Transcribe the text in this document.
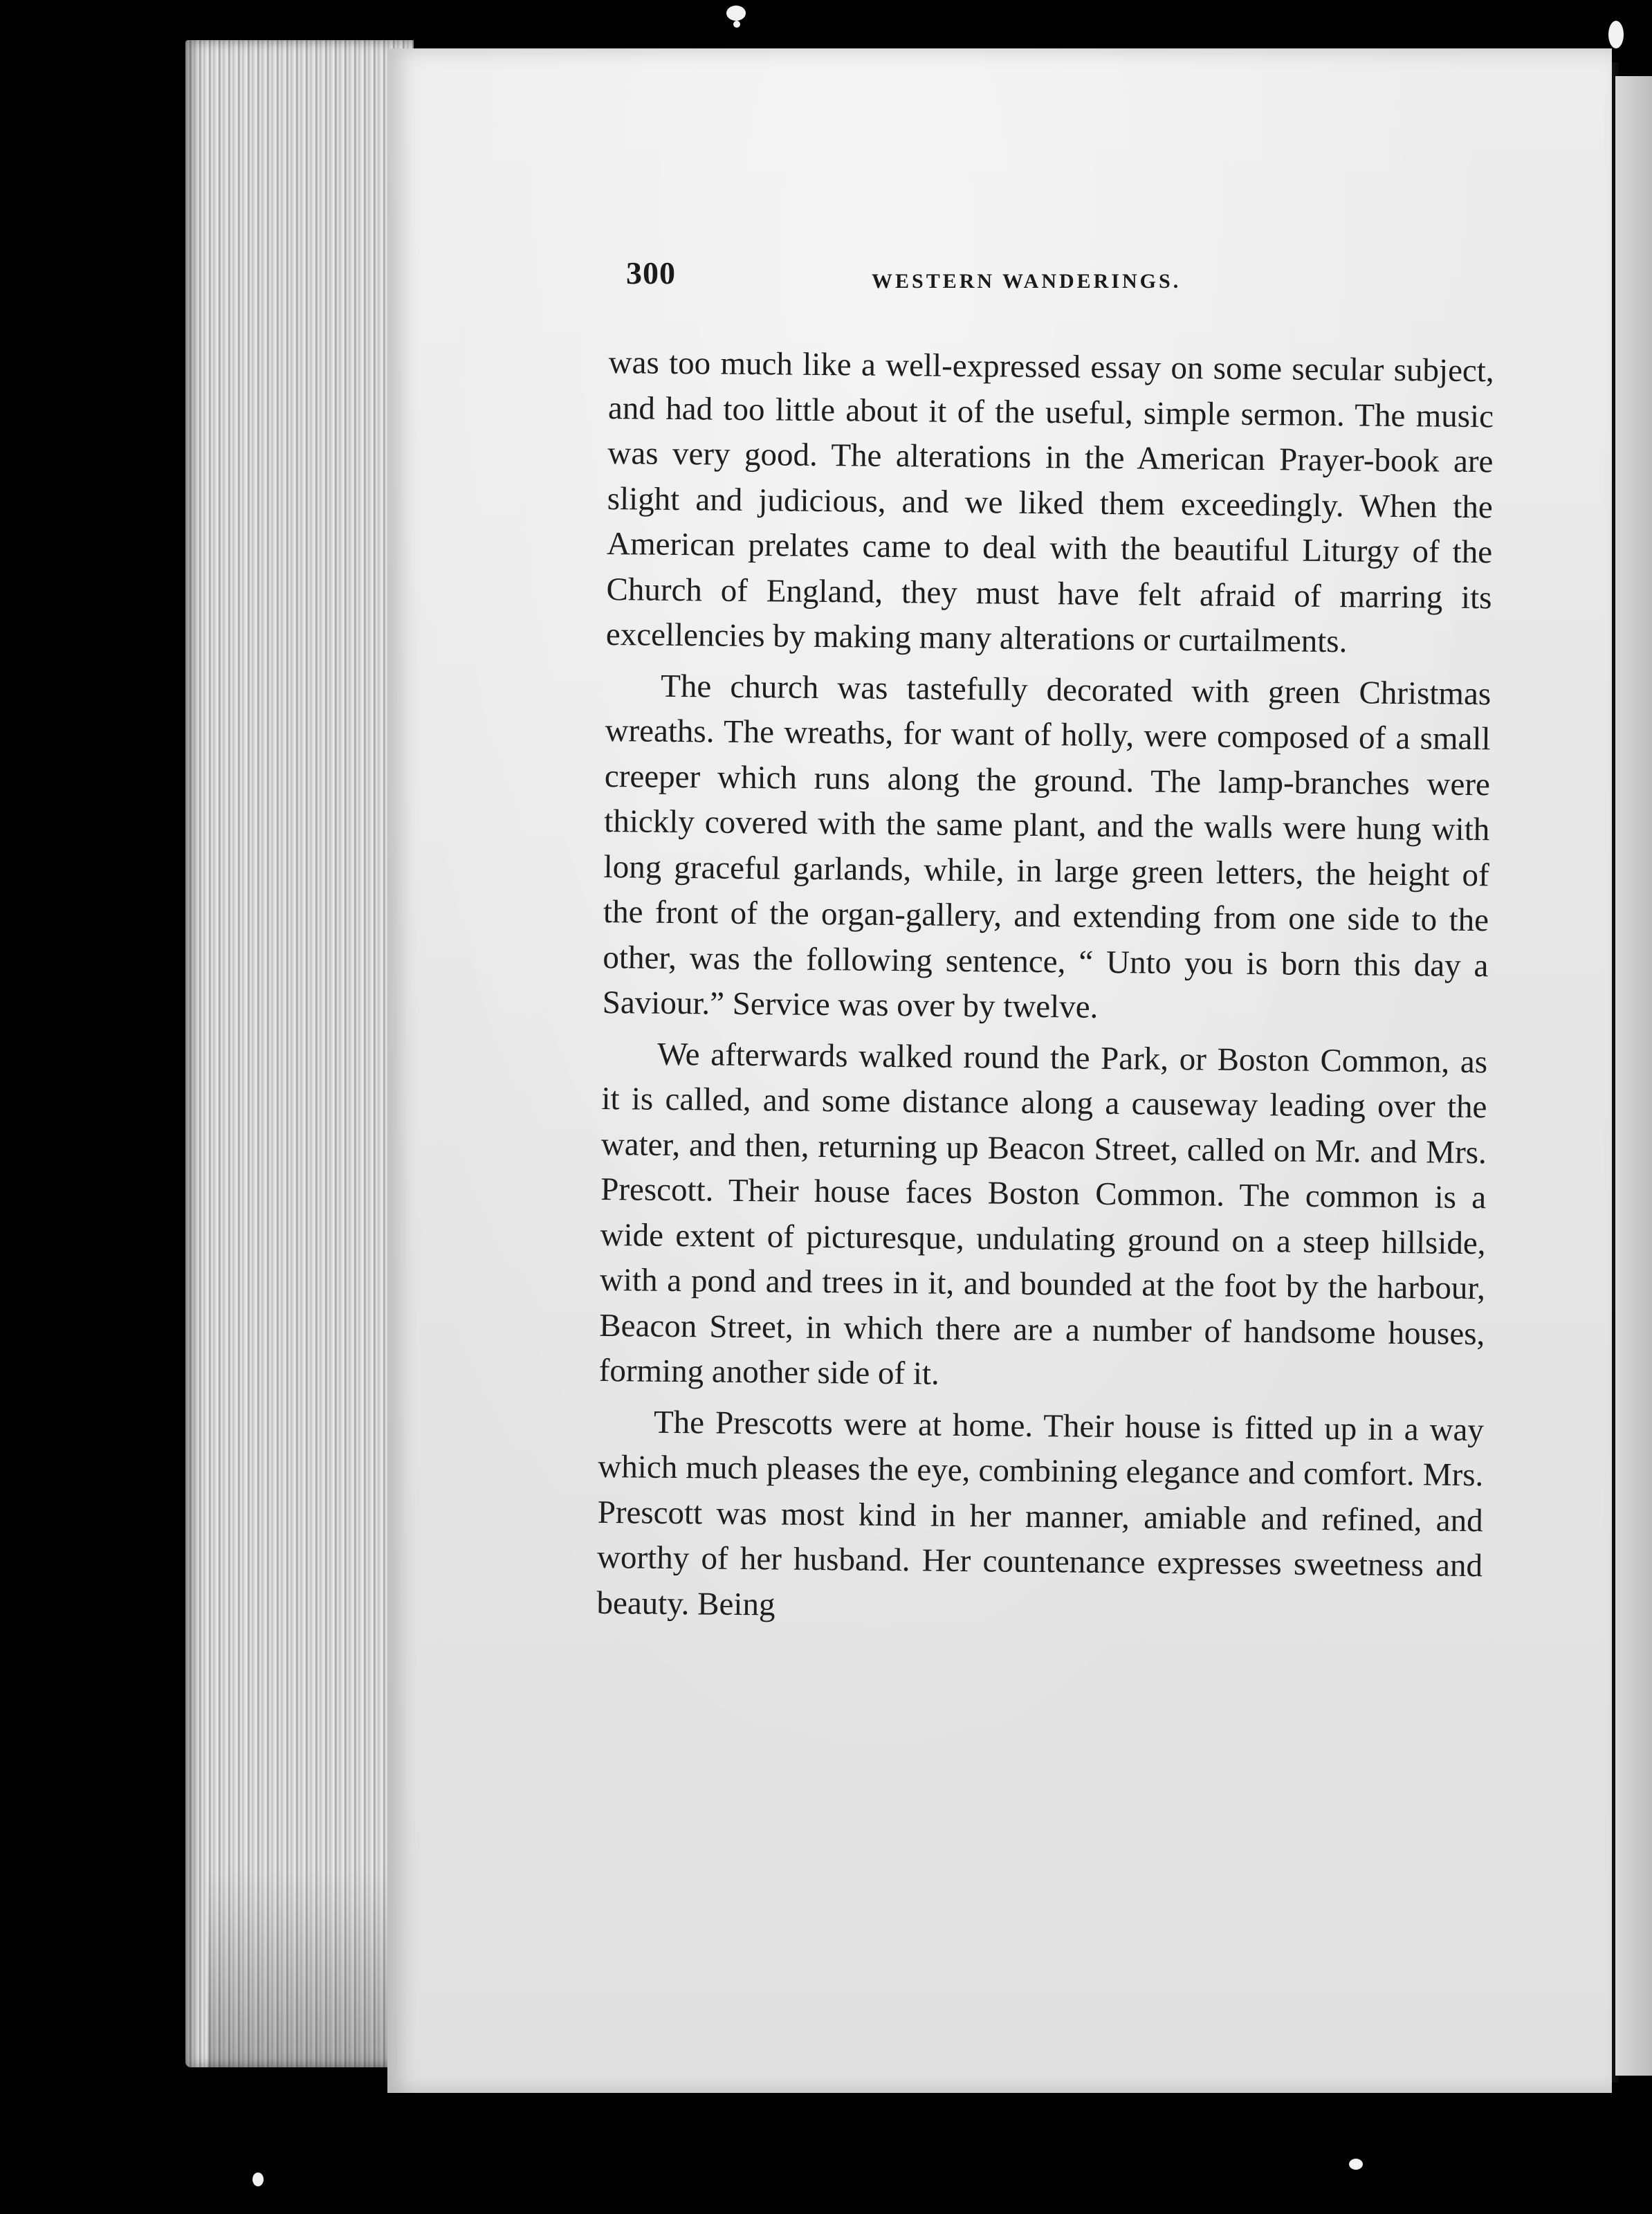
300	WESTERN WANDERINGS.

was too much like a well-expressed essay on some secular subject, and had too little about it of the useful, simple sermon. The music was very good. The alterations in the American Prayer-book are slight and judicious, and we liked them exceedingly. When the American prelates came to deal with the beautiful Liturgy of the Church of England, they must have felt afraid of marring its excellencies by making many alterations or curtailments.

The church was tastefully decorated with green Christmas wreaths. The wreaths, for want of holly, were composed of a small creeper which runs along the ground. The lamp-branches were thickly covered with the same plant, and the walls were hung with long graceful garlands, while, in large green letters, the height of the front of the organ-gallery, and extending from one side to the other, was the following sentence, “ Unto you is born this day a Saviour.” Service was over by twelve.

We afterwards walked round the Park, or Boston Common, as it is called, and some distance along a causeway leading over the water, and then, returning up Beacon Street, called on Mr. and Mrs. Prescott. Their house faces Boston Common. The common is a wide extent of picturesque, undulating ground on a steep hillside, with a pond and trees in it, and bounded at the foot by the harbour, Beacon Street, in which there are a number of handsome houses, forming another side of it.

The Prescotts were at home. Their house is fitted up in a way which much pleases the eye, combining elegance and comfort. Mrs. Prescott was most kind in her manner, amiable and refined, and worthy of her husband. Her countenance expresses sweetness and beauty. Being
